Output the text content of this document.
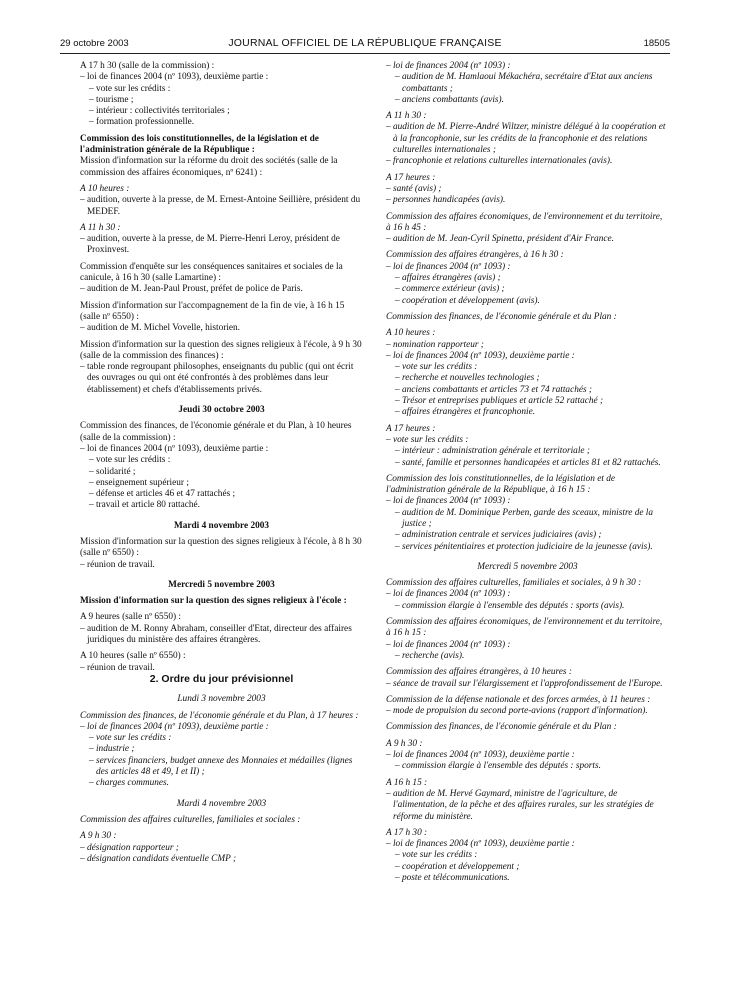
29 octobre 2003	JOURNAL OFFICIEL DE LA RÉPUBLIQUE FRANÇAISE	18505

A 17 h 30 (salle de la commission) :

– loi de finances 2004 (nº 1093), deuxième partie :

– vote sur les crédits :

– tourisme ;

– intérieur : collectivités territoriales ;

– formation professionnelle.

Commission des lois constitutionnelles, de la législation et de l'administration générale de la République :

Mission d'information sur la réforme du droit des sociétés (salle de la commission des affaires économiques, nº 6241) :

A 10 heures :

– audition, ouverte à la presse, de M. Ernest-Antoine Seillière, président du MEDEF.

A 11 h 30 :

– audition, ouverte à la presse, de M. Pierre-Henri Leroy, président de Proxinvest.

Commission d'enquête sur les conséquences sanitaires et sociales de la canicule, à 16 h 30 (salle Lamartine) :

– audition de M. Jean-Paul Proust, préfet de police de Paris.

Mission d'information sur l'accompagnement de la fin de vie, à 16 h 15 (salle nº 6550) :

– audition de M. Michel Vovelle, historien.

Mission d'information sur la question des signes religieux à l'école, à 9 h 30 (salle de la commission des finances) :

– table ronde regroupant philosophes, enseignants du public (qui ont écrit des ouvrages ou qui ont été confrontés à des problèmes dans leur établissement) et chefs d'établissements privés.

Jeudi 30 octobre 2003

Commission des finances, de l'économie générale et du Plan, à 10 heures (salle de la commission) :

– loi de finances 2004 (nº 1093), deuxième partie :

– vote sur les crédits :

– solidarité ;

– enseignement supérieur ;

– défense et articles 46 et 47 rattachés ;

– travail et article 80 rattaché.

Mardi 4 novembre 2003

Mission d'information sur la question des signes religieux à l'école, à 8 h 30 (salle nº 6550) :

– réunion de travail.

Mercredi 5 novembre 2003

Mission d'information sur la question des signes religieux à l'école :

A 9 heures (salle nº 6550) :

– audition de M. Ronny Abraham, conseiller d'Etat, directeur des affaires juridiques du ministère des affaires étrangères.

A 10 heures (salle nº 6550) :

– réunion de travail.

2. Ordre du jour prévisionnel

Lundi 3 novembre 2003

Commission des finances, de l'économie générale et du Plan, à 17 heures :

– loi de finances 2004 (nº 1093), deuxième partie :

– vote sur les crédits :

– industrie ;

– services financiers, budget annexe des Monnaies et médailles (lignes des articles 48 et 49, I et II) ;

– charges communes.

Mardi 4 novembre 2003

Commission des affaires culturelles, familiales et sociales :

A 9 h 30 :

– désignation rapporteur ;

– désignation candidats éventuelle CMP ;

– loi de finances 2004 (nº 1093) :

– audition de M. Hamlaoui Mékachéra, secrétaire d'Etat aux anciens combattants ;

– anciens combattants (avis).

A 11 h 30 :

– audition de M. Pierre-André Wiltzer, ministre délégué à la coopération et à la francophonie, sur les crédits de la francophonie et des relations culturelles internationales ;

– francophonie et relations culturelles internationales (avis).

A 17 heures :

– santé (avis) ;

– personnes handicapées (avis).

Commission des affaires économiques, de l'environnement et du territoire, à 16 h 45 :

– audition de M. Jean-Cyril Spinetta, président d'Air France.

Commission des affaires étrangères, à 16 h 30 :

– loi de finances 2004 (nº 1093) :

– affaires étrangères (avis) ;

– commerce extérieur (avis) ;

– coopération et développement (avis).

Commission des finances, de l'économie générale et du Plan :

A 10 heures :

– nomination rapporteur ;

– loi de finances 2004 (nº 1093), deuxième partie :

– vote sur les crédits :

– recherche et nouvelles technologies ;

– anciens combattants et articles 73 et 74 rattachés ;

– Trésor et entreprises publiques et article 52 rattaché ;

– affaires étrangères et francophonie.

A 17 heures :

– vote sur les crédits :

– intérieur : administration générale et territoriale ;

– santé, famille et personnes handicapées et articles 81 et 82 rattachés.

Commission des lois constitutionnelles, de la législation et de l'administration générale de la République, à 16 h 15 :

– loi de finances 2004 (nº 1093) :

– audition de M. Dominique Perben, garde des sceaux, ministre de la justice ;

– administration centrale et services judiciaires (avis) ;

– services pénitentiaires et protection judiciaire de la jeunesse (avis).

Mercredi 5 novembre 2003

Commission des affaires culturelles, familiales et sociales, à 9 h 30 :

– loi de finances 2004 (nº 1093) :

– commission élargie à l'ensemble des députés : sports (avis).

Commission des affaires économiques, de l'environnement et du territoire, à 16 h 15 :

– loi de finances 2004 (nº 1093) :

– recherche (avis).

Commission des affaires étrangères, à 10 heures :

– séance de travail sur l'élargissement et l'approfondissement de l'Europe.

Commission de la défense nationale et des forces armées, à 11 heures :

– mode de propulsion du second porte-avions (rapport d'information).

Commission des finances, de l'économie générale et du Plan :

A 9 h 30 :

– loi de finances 2004 (nº 1093), deuxième partie :

– commission élargie à l'ensemble des députés : sports.

A 16 h 15 :

– audition de M. Hervé Gaymard, ministre de l'agriculture, de l'alimentation, de la pêche et des affaires rurales, sur les stratégies de réforme du ministère.

A 17 h 30 :

– loi de finances 2004 (nº 1093), deuxième partie :

– vote sur les crédits :

– coopération et développement ;

– poste et télécommunications.
